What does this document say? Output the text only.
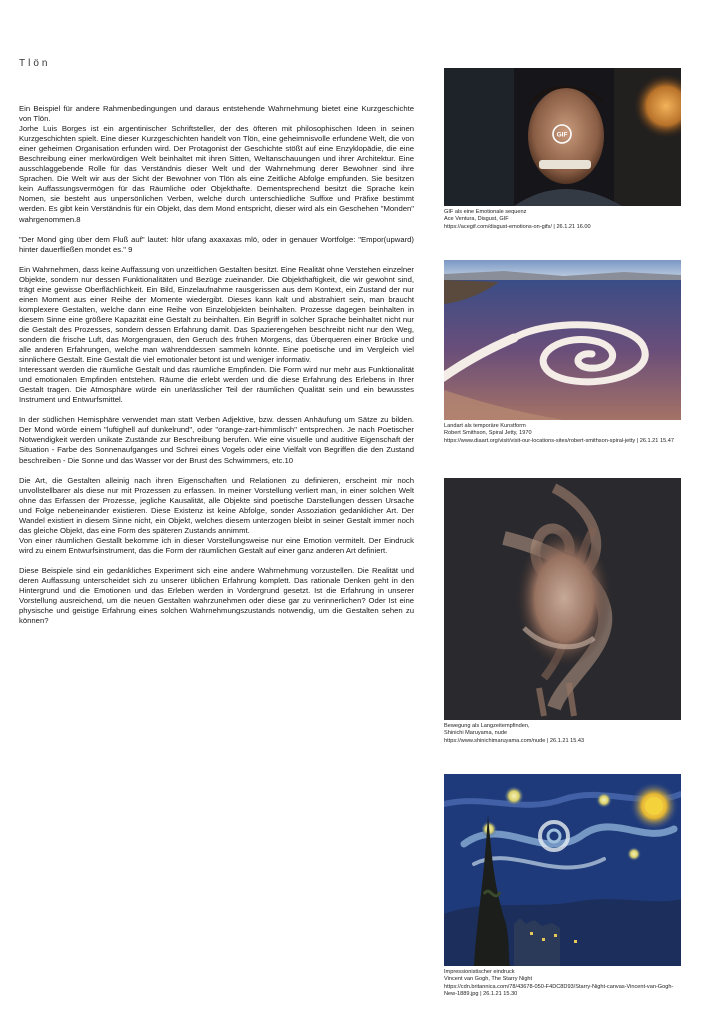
Tlön

Ein Beispiel für andere Rahmenbedingungen und daraus entstehende Wahrnehmung bietet eine Kurzgeschichte von Tlön.
Jorhe Luis Borges ist ein argentinischer Schriftsteller, der des öfteren mit philosophischen Ideen in seinen Kurzgeschichten spielt. Eine dieser Kurzgeschichten handelt von Tlön, eine geheimnisvolle erfundene Welt, die von einer geheimen Organisation erfunden wird. Der Protagonist der Geschichte stößt auf eine Enzyklopädie, die eine Beschreibung einer merkwürdigen Welt beinhaltet mit ihren Sitten, Weltanschauungen und ihrer Architektur. Eine ausschlaggebende Rolle für das Verständnis dieser Welt und der Wahrnehmung derer Bewohner sind ihre Sprachen. Die Welt wir aus der Sicht der Bewohner von Tlön als eine Zeitliche Abfolge empfunden. Sie besitzen kein Auffassungsvermögen für das Räumliche oder Objekthafte. Dementsprechend besitzt die Sprache kein Nomen, sie besteht aus unpersönlichen Verben, welche durch unterschiedliche Suffixe und Präfixe bestimmt werden. Es gibt kein Verständnis für ein Objekt, das dem Mond entspricht, dieser wird als ein Geschehen "Monden" wahrgenommen.8

"Der Mond ging über dem Fluß auf" lautet: hlör ufang axaxaxas mlö, oder in genauer Wortfolge: "Empor(upward) hinter dauerfließen mondet es." 9

Ein Wahrnehmen, dass keine Auffassung von unzeitlichen Gestalten besitzt. Eine Realität ohne Verstehen einzelner Objekte, sondern nur dessen Funktionalitäten und Bezüge zueinander. Die Objekthaftigkeit, die wir gewohnt sind, trägt eine gewisse Oberflächlichkeit. Ein Bild, Einzelaufnahme rausgerissen aus dem Kontext, ein Zustand der nur einen Moment aus einer Reihe der Momente wiedergibt. Dieses kann kalt und abstrahiert sein, man braucht komplexere Gestalten, welche dann eine Reihe von Einzelobjekten beinhalten. Prozesse dagegen beinhalten in diesem Sinne eine größere Kapazität eine Gestalt zu beinhalten. Ein Begriff in solcher Sprache beinhaltet nicht nur die Gestalt des Prozesses, sondern dessen Erfahrung damit. Das Spazierengehen beschreibt nicht nur den Weg, sondern die frische Luft, das Morgengrauen, den Geruch des frühen Morgens, das Überqueren einer Brücke und alle anderen Erfahrungen, welche man währenddessen sammeln könnte. Eine poetische und im Vergleich viel sinnlichere Gestalt. Eine Gestalt die viel emotionaler betont ist und weniger informativ.
Interessant werden die räumliche Gestalt und das räumliche Empfinden. Die Form wird nur mehr aus Funktionalität und emotionalen Empfinden entstehen. Räume die erlebt werden und die diese Erfahrung des Erlebens in Ihrer Gestalt tragen. Die Atmosphäre würde ein unerlässlicher Teil der räumlichen Qualität sein und ein bewusstes Instrument und Entwurfsmittel.

In der südlichen Hemisphäre verwendet man statt Verben Adjektive, bzw. dessen Anhäufung um Sätze zu bilden. Der Mond würde einem "luftighell auf dunkelrund", oder "orange-zart-himmlisch" entsprechen. Je nach Poetischer Notwendigkeit werden unikate Zustände zur Beschreibung berufen. Wie eine visuelle und auditive Eigenschaft der Situation - Farbe des Sonnenaufganges und Schrei eines Vogels oder eine Vielfalt von Begriffen die den Zustand beschreiben - Die Sonne und das Wasser vor der Brust des Schwimmers, etc.10

Die Art, die Gestalten alleinig nach ihren Eigenschaften und Relationen zu definieren, erscheint mir noch unvollstellbarer als diese nur mit Prozessen zu erfassen. In meiner Vorstellung verliert man, in einer solchen Welt ohne das Erfassen der Prozesse, jegliche Kausalität, alle Objekte sind poetische Darstellungen dessen Ursache und Folge nebeneinander existieren. Diese Existenz ist keine Abfolge, sonder Assoziation gedanklicher Art. Der Wandel existiert in diesem Sinne nicht, ein Objekt, welches diesem unterzogen bleibt in seiner Gestalt immer noch das gleiche Objekt, das eine Form des späteren Zustands annimmt.
Von einer räumlichen Gestallt bekomme ich in dieser Vorstellungsweise nur eine Emotion vermitelt. Der Eindruck wird zu einem Entwurfsinstrument, das die Form der räumlichen Gestalt auf einer ganz anderen Art definiert.

Diese Beispiele sind ein gedankliches Experiment sich eine andere Wahrnehmung vorzustellen. Die Realität und deren Auffassung unterscheidet sich zu unserer üblichen Erfahrung komplett. Das rationale Denken geht in den Hintergrund und die Emotionen und das Erleben werden in Vordergrund gesetzt. Ist die Erfahrung in unserer Vorstellung ausreichend, um die neuen Gestalten wahrzunehmen oder diese gar zu verinnerlichen? Oder Ist eine physische und geistige Erfahrung eines solchen Wahrnehmungszustands notwendig, um die Gestalten sehen zu können?

GIF
GIF als eine Emotionale sequenz
Ace Ventura, Disgust, GIF
https://acegif.com/disgust-emotions-on-gifs/ | 26.1.21 16.00
Landart als temporäre Kunstform
Robert Smithson, Spiral Jetty, 1970
https://www.diaart.org/visit/visit-our-locations-sites/robert-smithson-spiral-jetty | 26.1.21 15.47
Bewegung als Langzeitempfinden,
Shinichi Maruyama, nude
https://www.shinichimaruyama.com/nude | 26.1.21 15.43
Impressionistischer eindruck
Vincent van Gogh, The Starry Night
https://cdn.britannica.com/78/43678-050-F4DC8D93/Starry-Night-canvas-Vincent-van-Gogh-New-1889.jpg | 26.1.21 15.30
